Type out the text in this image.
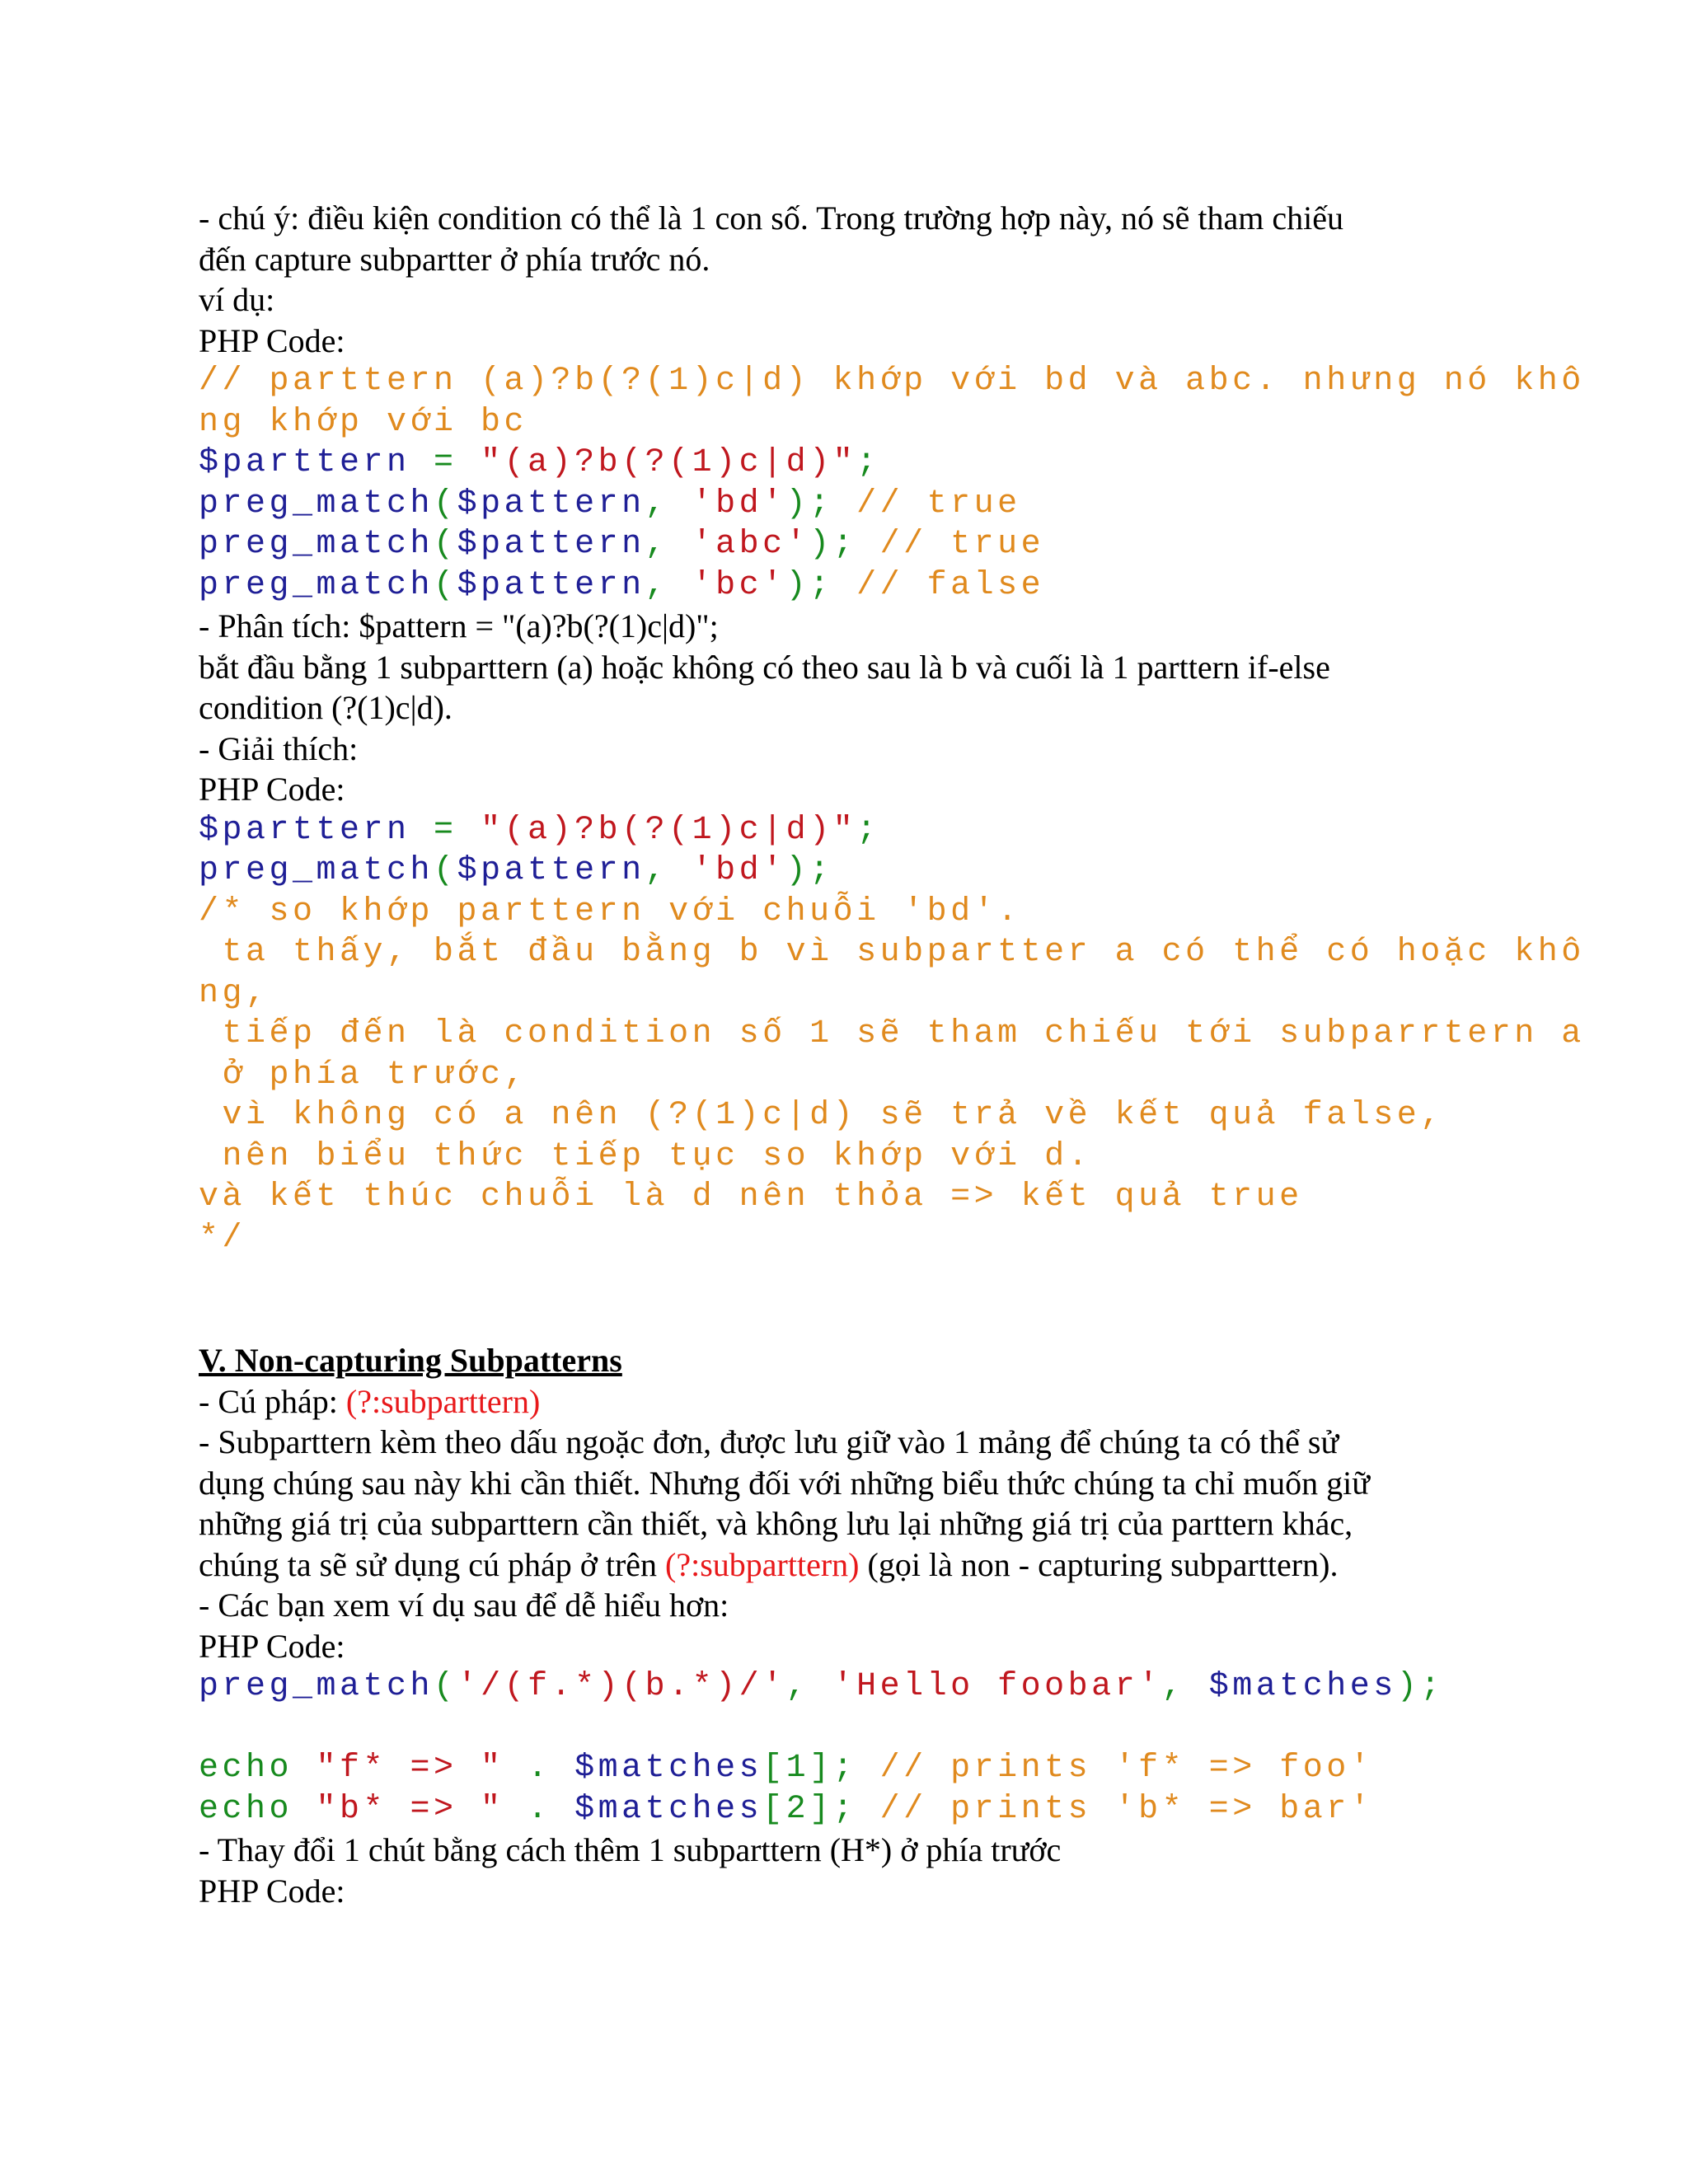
- chú ý: điều kiện condition có thể là 1 con số. Trong trường hợp này, nó sẽ tham chiếu
đến capture subpartter ở phía trước nó.
ví dụ:
PHP Code:
// parttern (a)?b(?(1)c|d) khớp với bd và abc. nhưng nó khô
ng khớp với bc
$parttern = "(a)?b(?(1)c|d)";
preg_match($pattern, 'bd'); // true
preg_match($pattern, 'abc'); // true
preg_match($pattern, 'bc'); // false
- Phân tích: $pattern = "(a)?b(?(1)c|d)";
bắt đầu bằng 1 subparttern (a) hoặc không có theo sau là b và cuối là 1 parttern if-else
condition (?(1)c|d).
- Giải thích:
PHP Code:
$parttern = "(a)?b(?(1)c|d)";
preg_match($pattern, 'bd');
/* so khớp parttern với chuỗi 'bd'.
ta thấy, bắt đầu bằng b vì subpartter a có thể có hoặc khô
ng,
tiếp đến là condition số 1 sẽ tham chiếu tới subparrtern a
ở phía trước,
vì không có a nên (?(1)c|d) sẽ trả về kết quả false,
nên biểu thức tiếp tục so khớp với d.
và kết thúc chuỗi là d nên thỏa => kết quả true
*/
V. Non-capturing Subpatterns
- Cú pháp: (?:subparttern)
- Subparttern kèm theo dấu ngoặc đơn, được lưu giữ vào 1 mảng để chúng ta có thể sử
dụng chúng sau này khi cần thiết. Nhưng đối với những biểu thức chúng ta chỉ muốn giữ
những giá trị của subparttern cần thiết, và không lưu lại những giá trị của parttern khác,
chúng ta sẽ sử dụng cú pháp ở trên (?:subparttern) (gọi là non - capturing subparttern).
- Các bạn xem ví dụ sau để dễ hiểu hơn:
PHP Code:
preg_match('/(f.*)(b.*)/', 'Hello foobar', $matches);
echo "f* => " . $matches[1]; // prints 'f* => foo'
echo "b* => " . $matches[2]; // prints 'b* => bar'
- Thay đổi 1 chút bằng cách thêm 1 subparttern (H*) ở phía trước
PHP Code:
